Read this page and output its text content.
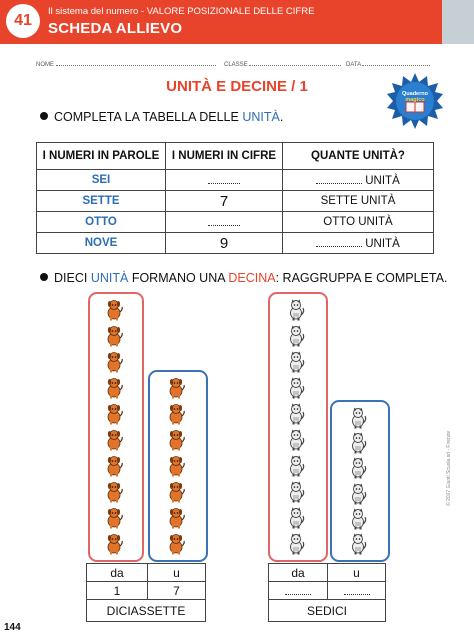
41
Il sistema del numero - VALORE POSIZIONALE DELLE CIFRE
SCHEDA ALLIEVO
NOME	CLASSE	DATA
UNITÀ E DECINE / 1	Quaderno
magico
COMPLETA LA TABELLA DELLE UNITÀ.
I NUMERI IN PAROLE	I NUMERI IN CIFRE	QUANTE UNITÀ?
SEI		UNITÀ
SETTE	7	SETTE UNITÀ
OTTO		OTTO UNITÀ
NOVE	9	UNITÀ
DIECI UNITÀ FORMANO UNA DECINA: RAGGRUPPA E COMPLETA.
da	u
1	7
DICIASSETTE	
da	u

SEDICI	
144
© 2017 Giunti Scuola srl - Firenze
